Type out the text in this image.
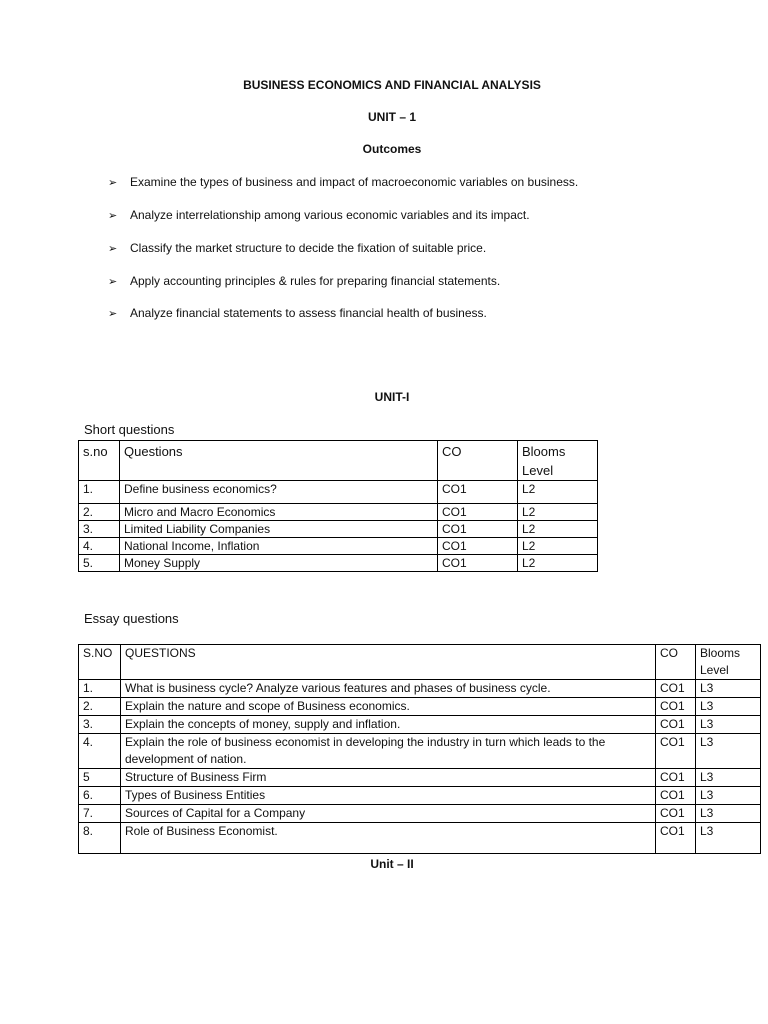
BUSINESS ECONOMICS AND FINANCIAL ANALYSIS
UNIT – 1
Outcomes
➢ Examine the types of business and impact of macroeconomic variables on business.
➢ Analyze interrelationship among various economic variables and its impact.
➢ Classify the market structure to decide the fixation of suitable price.
➢ Apply accounting principles & rules for preparing financial statements.
➢ Analyze financial statements to assess financial health of business.
UNIT-I
Short questions
s.no	Questions	CO	Blooms Level
1.	Define business economics?	CO1	L2
2.	Micro and Macro Economics	CO1	L2
3.	Limited Liability Companies	CO1	L2
4.	National Income, Inflation	CO1	L2
5.	Money Supply	CO1	L2
Essay questions
S.NO	QUESTIONS	CO	Blooms Level
1.	What is business cycle? Analyze various features and phases of business cycle.	CO1	L3
2.	Explain the nature and scope of Business economics.	CO1	L3
3.	Explain the concepts of money, supply and inflation.	CO1	L3
4.	Explain the role of business economist in developing the industry in turn which leads to the development of nation.	CO1	L3
5	Structure of Business Firm	CO1	L3
6.	Types of Business Entities	CO1	L3
7.	Sources of Capital for a Company	CO1	L3
8.	Role of Business Economist.	CO1	L3
Unit – II
